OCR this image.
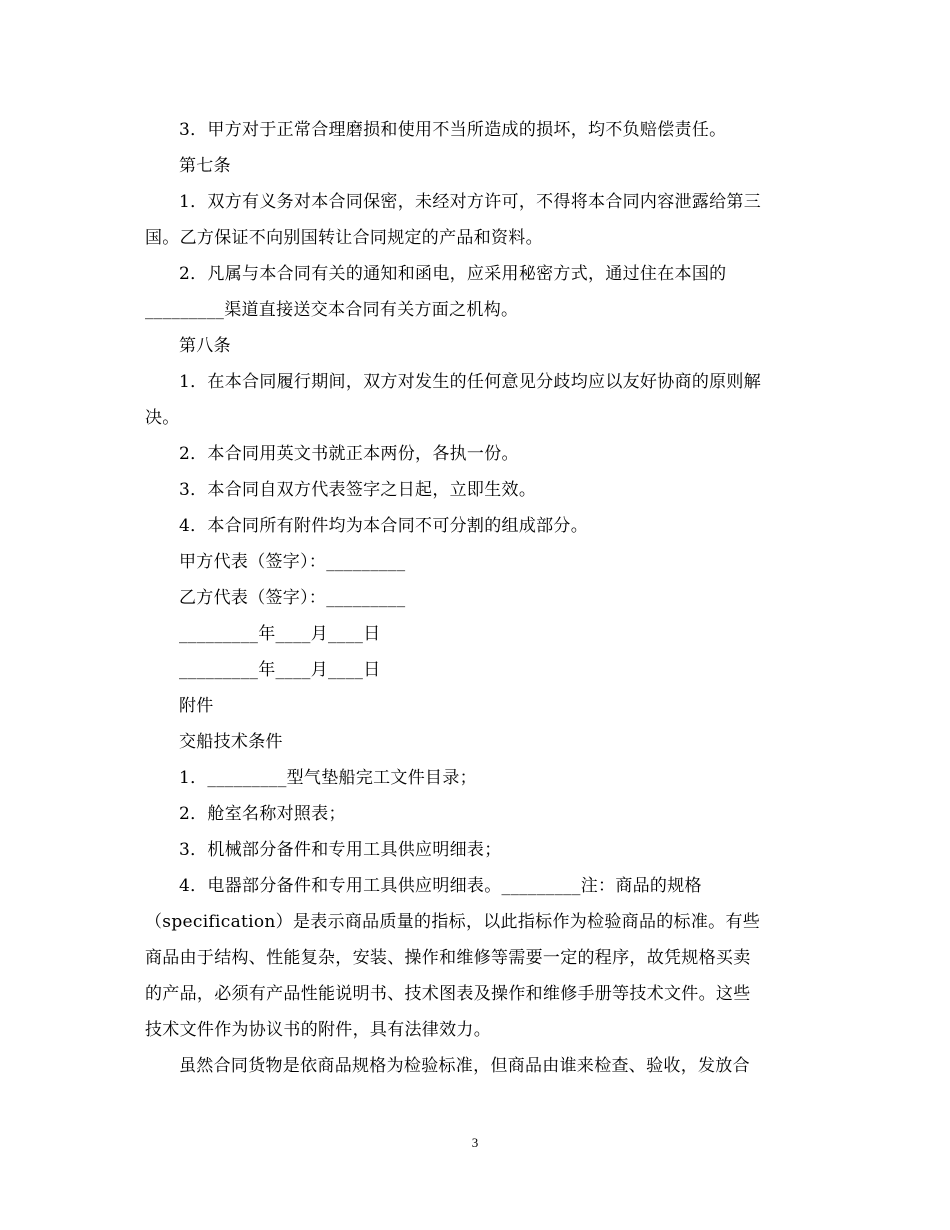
3．甲方对于正常合理磨损和使用不当所造成的损坏，均不负赔偿责任。
第七条
1．双方有义务对本合同保密，未经对方许可，不得将本合同内容泄露给第三
国。乙方保证不向别国转让合同规定的产品和资料。
2．凡属与本合同有关的通知和函电，应采用秘密方式，通过住在本国的
_________渠道直接送交本合同有关方面之机构。
第八条
1．在本合同履行期间，双方对发生的任何意见分歧均应以友好协商的原则解
决。
2．本合同用英文书就正本两份，各执一份。
3．本合同自双方代表签字之日起，立即生效。
4．本合同所有附件均为本合同不可分割的组成部分。
甲方代表（签字）：_________
乙方代表（签字）：_________
_________年____月____日
_________年____月____日
附件
交船技术条件
1．_________型气垫船完工文件目录；
2．舱室名称对照表；
3．机械部分备件和专用工具供应明细表；
4．电器部分备件和专用工具供应明细表。_________注：商品的规格
（specification）是表示商品质量的指标，以此指标作为检验商品的标准。有些
商品由于结构、性能复杂，安装、操作和维修等需要一定的程序，故凭规格买卖
的产品，必须有产品性能说明书、技术图表及操作和维修手册等技术文件。这些
技术文件作为协议书的附件，具有法律效力。
虽然合同货物是依商品规格为检验标准，但商品由谁来检查、验收，发放合
3
